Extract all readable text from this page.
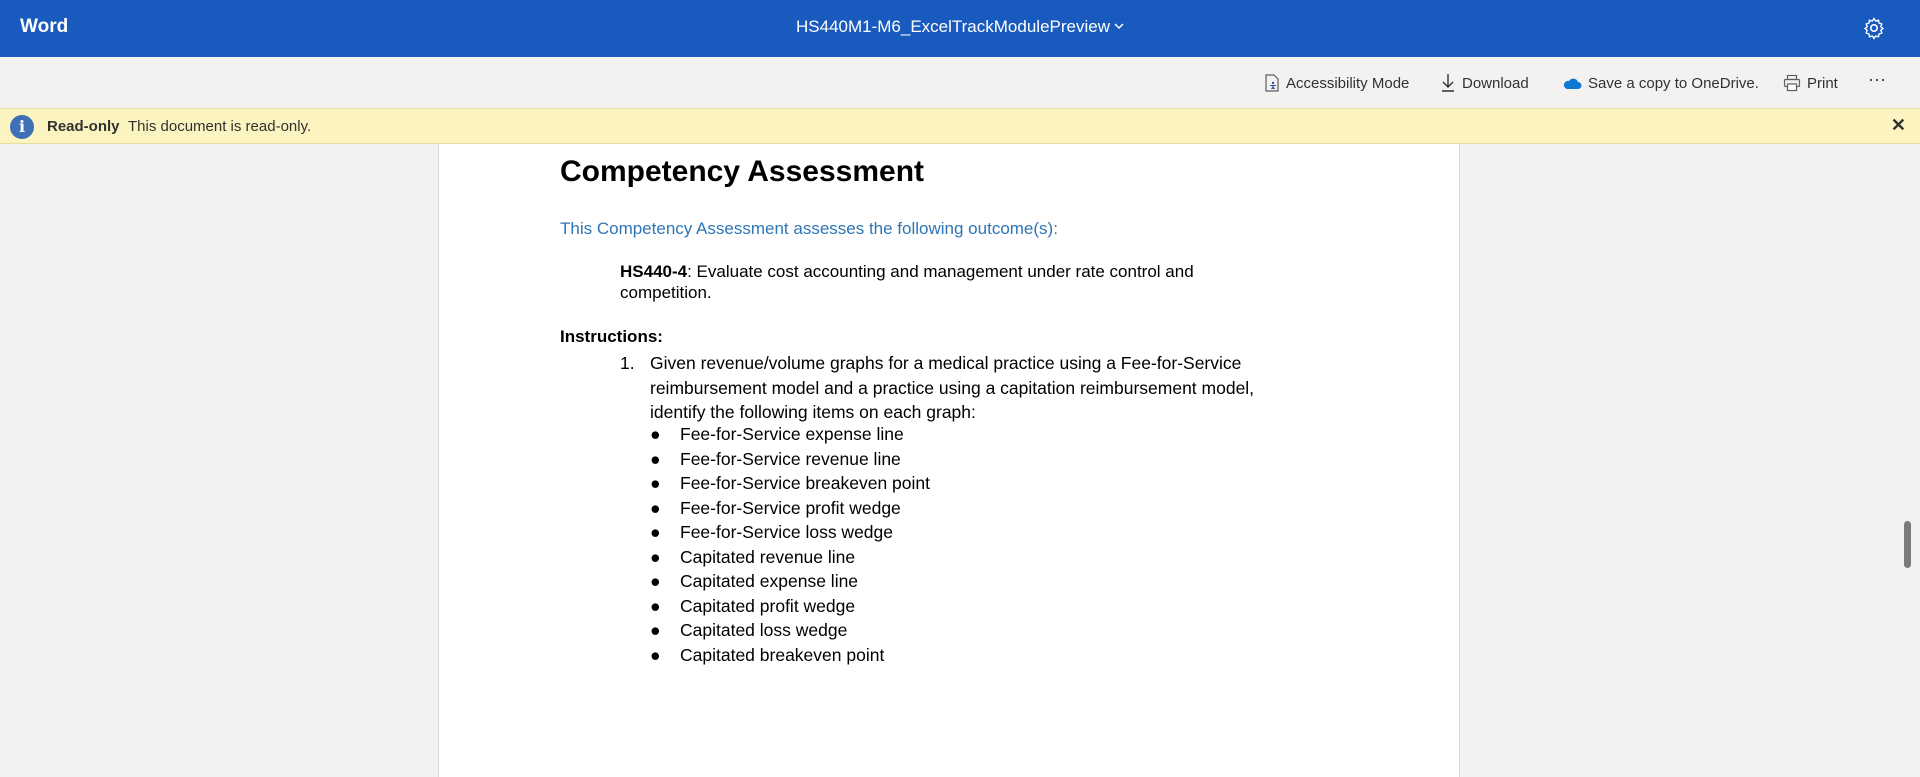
Word	HS440M1-M6_ExcelTrackModulePreview
Accessibility Mode	Download	Save a copy to OneDrive.	Print ···
i	Read-only This document is read-only.	✕
Competency Assessment
This Competency Assessment assesses the following outcome(s):
HS440-4: Evaluate cost accounting and management under rate control and competition.
Instructions:
1. Given revenue/volume graphs for a medical practice using a Fee-for-Service reimbursement model and a practice using a capitation reimbursement model, identify the following items on each graph:
● Fee-for-Service expense line
● Fee-for-Service revenue line
● Fee-for-Service breakeven point
● Fee-for-Service profit wedge
● Fee-for-Service loss wedge
● Capitated revenue line
● Capitated expense line
● Capitated profit wedge
● Capitated loss wedge
● Capitated breakeven point
